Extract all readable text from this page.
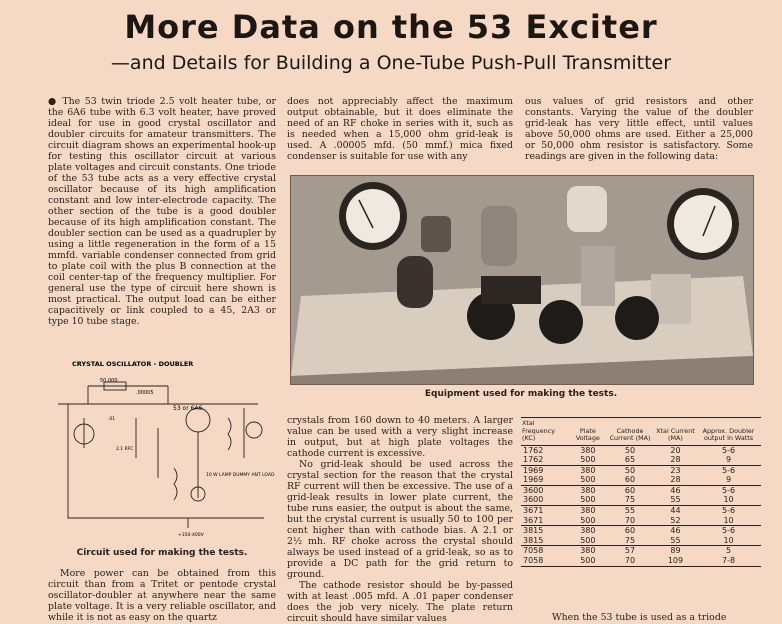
More Data on the 53 Exciter
—and Details for Building a One-Tube Push-Pull Transmitter

● The 53 twin triode 2.5 volt heater tube, or the 6A6 tube with 6.3 volt heater, have proved ideal for use in good crystal oscillator and doubler circuits for amateur transmitters. The circuit diagram shows an experimental hook-up for testing this oscillator circuit at various plate voltages and circuit constants. One triode of the 53 tube acts as a very effective crystal oscillator because of its high amplification constant and low inter-electrode capacity. The other section of the tube is a good doubler because of its high amplification constant. The doubler section can be used as a quadrupler by using a little regeneration in the form of a 15 mmfd. variable condenser connected from grid to plate coil with the plus B connection at the coil center-tap of the frequency multiplier. For general use the type of circuit here shown is most practical. The output load can be either capacitively or link coupled to a 45, 2A3 or type 10 tube stage.

does not appreciably affect the maximum output obtainable, but it does eliminate the need of an RF choke in series with it, such as is needed when a 15,000 ohm grid-leak is used. A .00005 mfd. (50 mmf.) mica fixed condenser is suitable for use with any

ous values of grid resistors and other constants. Varying the value of the doubler grid-leak has very little effect, until values above 50,000 ohms are used. Either a 25,000 or 50,000 ohm resistor is satisfactory. Some readings are given in the following data:

Equipment used for making the tests.
CRYSTAL OSCILLATOR - DOUBLER
50,000
.00005
53 or 6A6
2.1 RFC
.01
10 W LAMP DUMMY ANT LOAD
+350-400V
Circuit used for making the tests.

More power can be obtained from this circuit than from a Tritet or pentode crystal oscillator-doubler at anywhere near the same plate voltage. It is a very reliable oscillator, and while it is not as easy on the quartz

crystals from 160 down to 40 meters. A larger value can be used with a very slight increase in output, but at high plate voltages the cathode current is excessive.

No grid-leak should be used across the crystal section for the reason that the crystal RF current will then be excessive. The use of a grid-leak results in lower plate current, the tube runs easier, the output is about the same, but the crystal current is usually 50 to 100 per cent higher than with cathode bias. A 2.1 or 2½ mh. RF choke across the crystal should always be used instead of a grid-leak, so as to provide a DC path for the grid return to ground.

The cathode resistor should be by-passed with at least .005 mfd. A .01 paper condenser does the job very nicely. The plate return circuit should have similar values

Xtal Frequency (KC)	Plate Voltage	Cathode Current (MA)	Xtal Current (MA)	Approx. Doubler output in Watts
1762	380	50	20	5-6
1762	500	65	28	9
1969	380	50	23	5-6
1969	500	60	28	9
3600	380	60	46	5-6
3600	500	75	55	10
3671	380	55	44	5-6
3671	500	70	52	10
3815	380	60	46	5-6
3815	500	75	55	10
7058	380	57	89	5
7058	500	70	109	7-8

When the 53 tube is used as a triode
